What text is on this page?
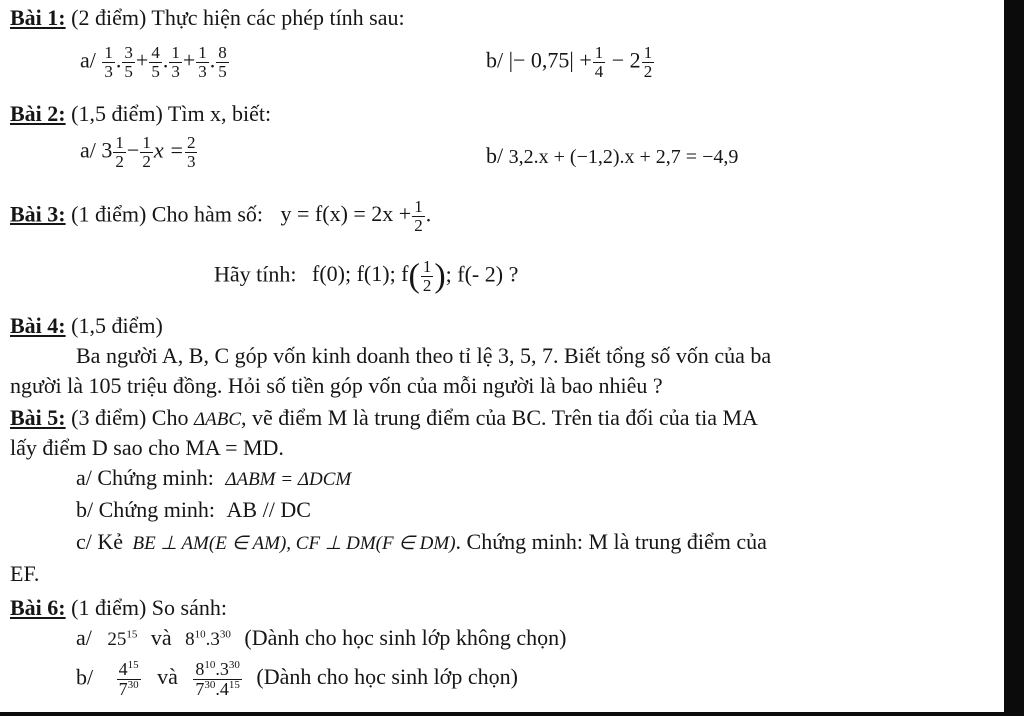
Bài 1: (2 điểm) Thực hiện các phép tính sau:
$a/ \frac{1}{3}$ . $\frac{3}{5} + \frac{4}{5}$ . $\frac{1}{3} + \frac{1}{3}$ . $\frac{8}{5}$	b/ |− $0,75| + \frac{1}{4} - 2 \frac{1}{2}$
Bài 2: (1,5 điểm) Tìm x, biết:
a/ $3 \frac{1}{2} - \frac{1}{2}$ $x = \frac{2}{3}$	b/ 3,2.x + (−1,2).x + 2,7 = −4,9
Bài 3: (1 điểm) Cho hàm số: $y = f(x) = 2x + \frac{1}{2}$ .
Hãy tính: f(0); f(1); $f( \frac{1}{2}$ ); f(- 2) ?
Bài 4: (1,5 điểm)
Ba người A, B, C góp vốn kinh doanh theo tỉ lệ 3, 5, 7. Biết tổng số vốn của ba
người là 105 triệu đồng. Hỏi số tiền góp vốn của mỗi người là bao nhiêu ?
Bài 5: (3 điểm) Cho ΔABC, vẽ điểm M là trung điểm của BC. Trên tia đối của tia MA
lấy điểm D sao cho MA = MD.
a/ Chứng minh: ΔABM = ΔDCM
b/ Chứng minh: AB // DC
c/ Kẻ BE ⊥ AM(E ∈ AM), CF ⊥ DM(F ∈ DM). Chứng minh: M là trung điểm của
EF.
Bài 6: (1 điểm) So sánh:
a/ $25^{15}$ và $8^{10}.3^{30}$ (Dành cho học sinh lớp không chọn)
$b/ \frac{4^{15}}{7^{30}}$ và $\frac{8^{10}.3^{30}}{7^{30}.4^{15}}$ (Dành cho học sinh lớp chọn)
